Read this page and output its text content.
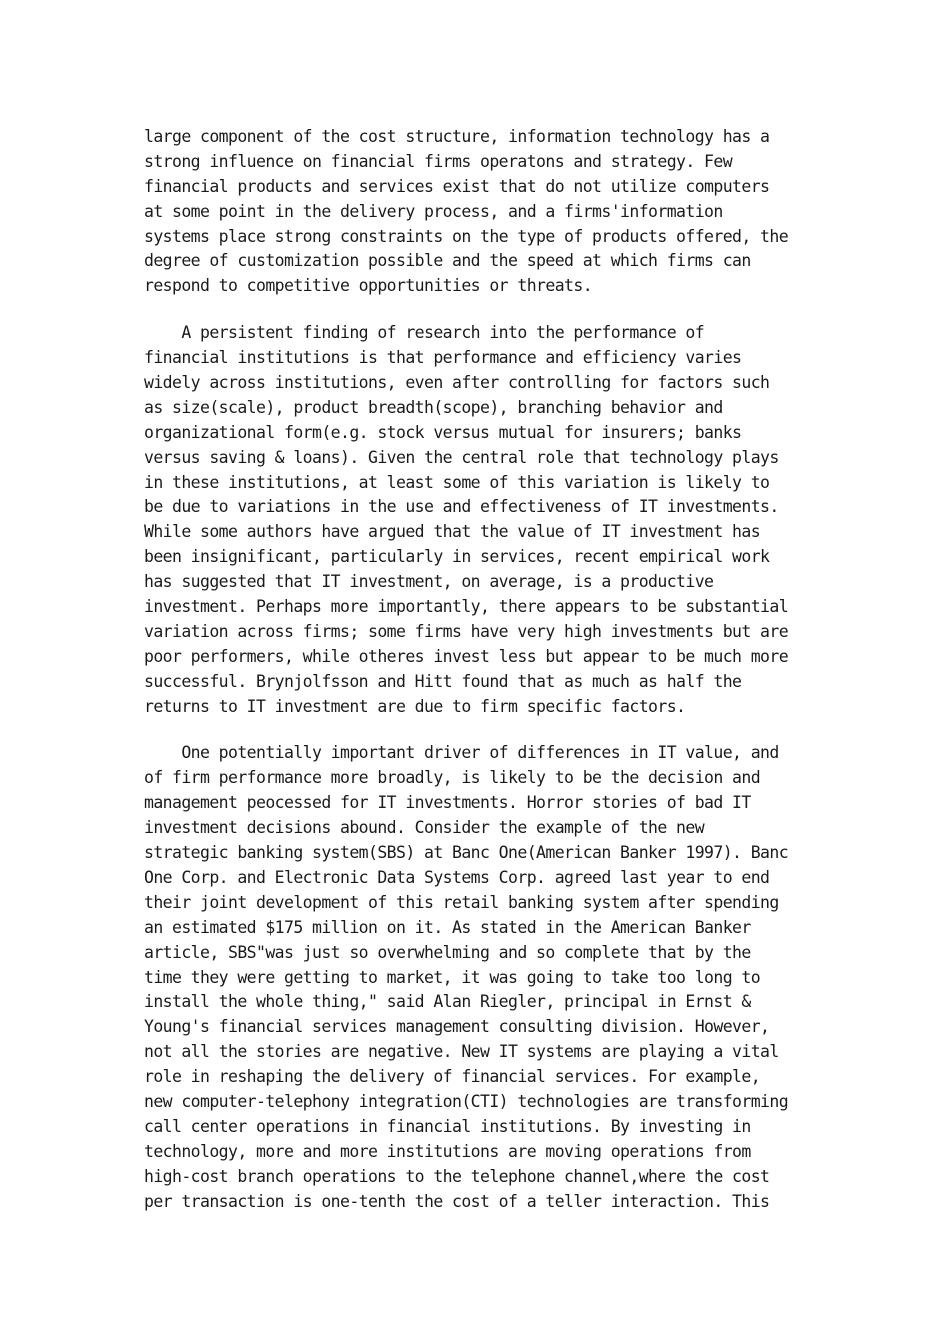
large component of the cost structure, information technology has a
strong influence on financial firms operatons and strategy. Few
financial products and services exist that do not utilize computers
at some point in the delivery process, and a firms'information
systems place strong constraints on the type of products offered, the
degree of customization possible and the speed at which firms can
respond to competitive opportunities or threats.

A persistent finding of research into the performance of
financial institutions is that performance and efficiency varies
widely across institutions, even after controlling for factors such
as size(scale), product breadth(scope), branching behavior and
organizational form(e.g. stock versus mutual for insurers; banks
versus saving & loans). Given the central role that technology plays
in these institutions, at least some of this variation is likely to
be due to variations in the use and effectiveness of IT investments.
While some authors have argued that the value of IT investment has
been insignificant, particularly in services, recent empirical work
has suggested that IT investment, on average, is a productive
investment. Perhaps more importantly, there appears to be substantial
variation across firms; some firms have very high investments but are
poor performers, while otheres invest less but appear to be much more
successful. Brynjolfsson and Hitt found that as much as half the
returns to IT investment are due to firm specific factors.

One potentially important driver of differences in IT value, and
of firm performance more broadly, is likely to be the decision and
management peocessed for IT investments. Horror stories of bad IT
investment decisions abound. Consider the example of the new
strategic banking system(SBS) at Banc One(American Banker 1997). Banc
One Corp. and Electronic Data Systems Corp. agreed last year to end
their joint development of this retail banking system after spending
an estimated $175 million on it. As stated in the American Banker
article, SBS"was just so overwhelming and so complete that by the
time they were getting to market, it was going to take too long to
install the whole thing," said Alan Riegler, principal in Ernst &
Young's financial services management consulting division. However,
not all the stories are negative. New IT systems are playing a vital
role in reshaping the delivery of financial services. For example,
new computer-telephony integration(CTI) technologies are transforming
call center operations in financial institutions. By investing in
technology, more and more institutions are moving operations from
high-cost branch operations to the telephone channel,where the cost
per transaction is one-tenth the cost of a teller interaction. This
